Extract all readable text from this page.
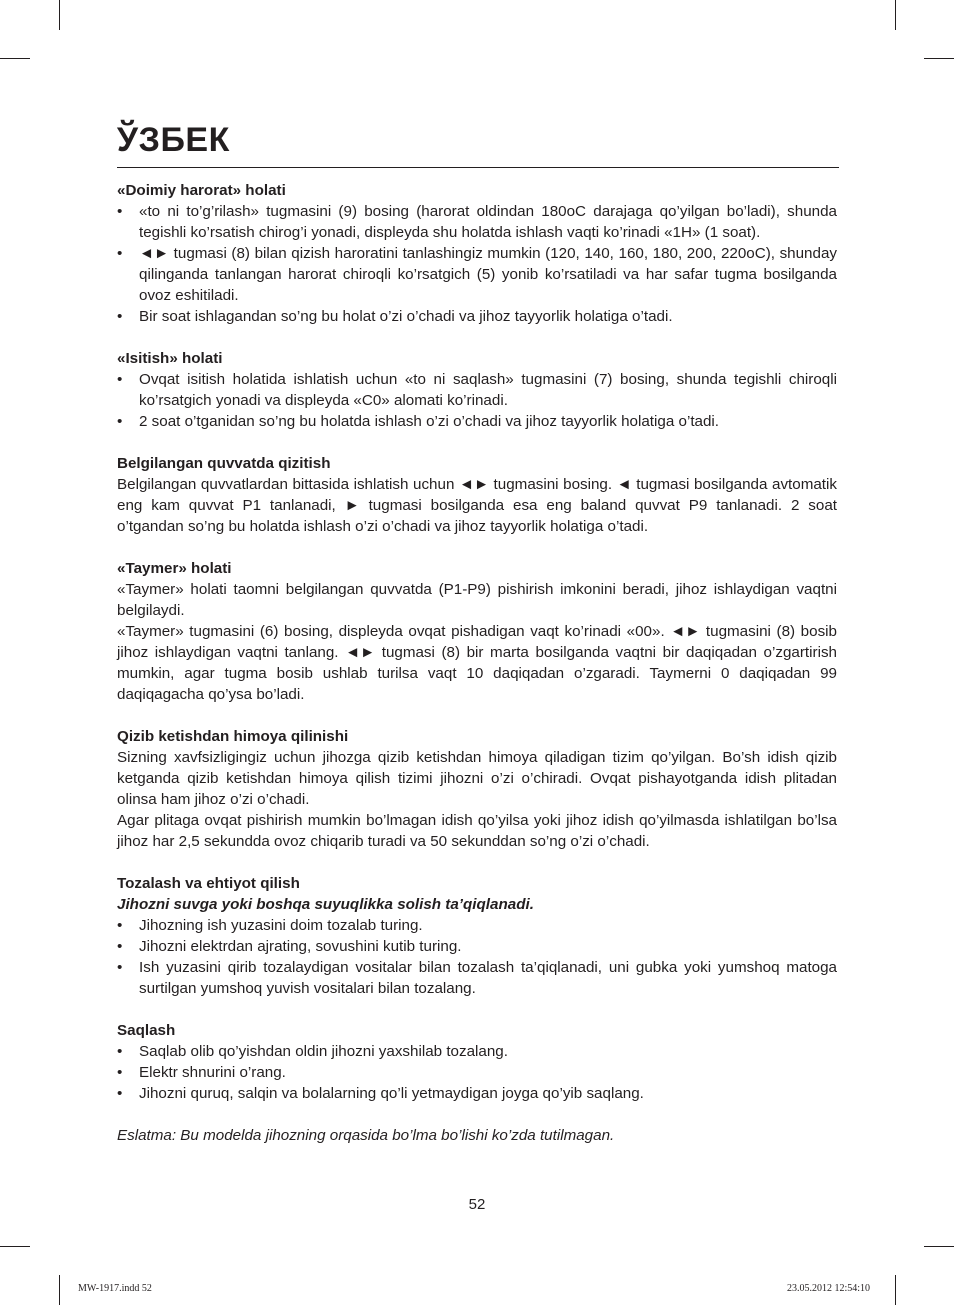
ЎЗБЕК
«Doimiy harorat» holati
• «to ni to’g’rilash» tugmasini (9) bosing (harorat oldindan 180оC darajaga qo’yilgan bo’ladi), shunda tegishli ko’rsatish chirog’i yonadi, displeyda shu holatda ishlash vaqti ko’rinadi «1H» (1 soat).
• ◄► tugmasi (8) bilan qizish haroratini tanlashingiz mumkin (120, 140, 160, 180, 200, 220оC), shunday qilinganda tanlangan harorat chiroqli ko’rsatgich (5) yonib ko’rsatiladi va har safar tugma bosilganda ovoz eshitiladi.
• Bir soat ishlagandan so’ng bu holat o’zi o’chadi va jihoz tayyorlik holatiga o’tadi.
«Isitish» holati
• Ovqat isitish holatida ishlatish uchun «to ni saqlash» tugmasini (7) bosing, shunda tegishli chiroqli ko’rsatgich yonadi va displeyda «C0» alomati ko’rinadi.
• 2 soat o’tganidan so’ng bu holatda ishlash o’zi o’chadi va jihoz tayyorlik holatiga o’tadi.
Belgilangan quvvatda qizitish

Belgilangan quvvatlardan bittasida ishlatish uchun ◄► tugmasini bosing. ◄ tugmasi bosilganda avtomatik eng kam quvvat P1 tanlanadi, ► tugmasi bosilganda esa eng baland quvvat P9 tanlanadi. 2 soat o’tgandan so’ng bu holatda ishlash o’zi o’chadi va jihoz tayyorlik holatiga o’tadi.

«Taymer» holati

«Taymer» holati taomni belgilangan quvvatda (P1-P9) pishirish imkonini beradi, jihoz ishlaydigan vaqtni belgilaydi.

«Taymer» tugmasini (6) bosing, displeyda ovqat pishadigan vaqt ko’rinadi «00». ◄► tugmasini (8) bosib jihoz ishlaydigan vaqtni tanlang. ◄► tugmasi (8) bir marta bosilganda vaqtni bir daqiqadan o’zgartirish mumkin, agar tugma bosib ushlab turilsa vaqt 10 daqiqadan o’zgaradi. Taymerni 0 daqiqadan 99 daqiqagacha qo’ysa bo’ladi.

Qizib ketishdan himoya qilinishi

Sizning xavfsizligingiz uchun jihozga qizib ketishdan himoya qiladigan tizim qo’yilgan. Bo’sh idish qizib ketganda qizib ketishdan himoya qilish tizimi jihozni o’zi o’chiradi. Ovqat pishayotganda idish plitadan olinsa ham jihoz o’zi o’chadi.

Agar plitaga ovqat pishirish mumkin bo’lmagan idish qo’yilsa yoki jihoz idish qo’yilmasda ishlatilgan bo’lsa jihoz har 2,5 sekundda ovoz chiqarib turadi va 50 sekunddan so’ng o’zi o’chadi.

Tozalash va ehtiyot qilish
Jihozni suvga yoki boshqa suyuqlikka solish ta’qiqlanadi.
• Jihozning ish yuzasini doim tozalab turing.
• Jihozni elektrdan ajrating, sovushini kutib turing.
• Ish yuzasini qirib tozalaydigan vositalar bilan tozalash ta’qiqlanadi, uni gubka yoki yumshoq matoga surtilgan yumshoq yuvish vositalari bilan tozalang.
Saqlash
• Saqlab olib qo’yishdan oldin jihozni yaxshilab tozalang.
• Elektr shnurini o’rang.
• Jihozni quruq, salqin va bolalarning qo’li yetmaydigan joyga qo’yib saqlang.

Eslatma: Bu modelda jihozning orqasida bo’lma bo’lishi ko’zda tutilmagan.

52
MW-1917.indd 52	23.05.2012 12:54:10
